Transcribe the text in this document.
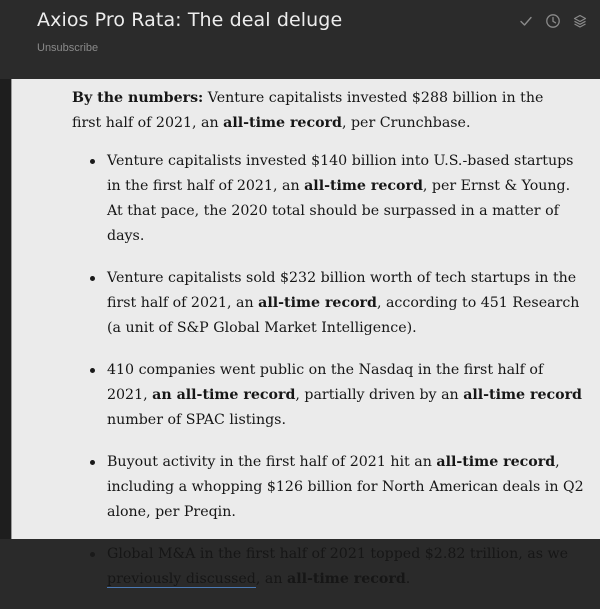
Axios Pro Rata: The deal deluge
Unsubscribe

By the numbers: Venture capitalists invested $288 billion in the first half of 2021, an all-time record, per Crunchbase.

Venture capitalists invested $140 billion into U.S.-based startups in the first half of 2021, an all-time record, per Ernst & Young. At that pace, the 2020 total should be surpassed in a matter of days.
Venture capitalists sold $232 billion worth of tech startups in the first half of 2021, an all-time record, according to 451 Research (a unit of S&P Global Market Intelligence).
410 companies went public on the Nasdaq in the first half of 2021, an all-time record, partially driven by an all-time record number of SPAC listings.
Buyout activity in the first half of 2021 hit an all-time record, including a whopping $126 billion for North American deals in Q2 alone, per Preqin.
Global M&A in the first half of 2021 topped $2.82 trillion, as we previously discussed, an all-time record.
